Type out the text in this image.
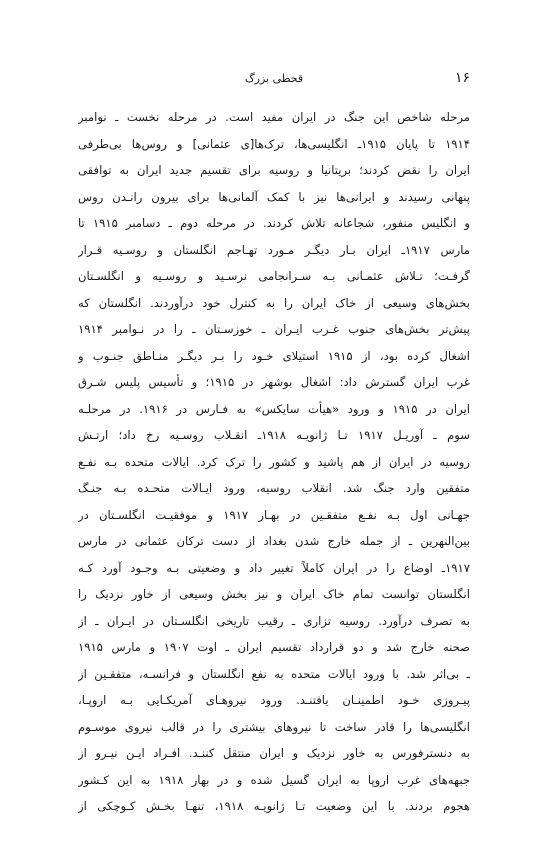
۱۶
قحطی بزرگ
مرحله شاخص این جنگ در ایران مفید است. در مرحله نخست ـ نوامبر
۱۹۱۴ تا پایان ۱۹۱۵ـ انگلیسی‌ها، ترک‌ها[ی عثمانی] و روس‌ها بی‌طرفی
ایران را نقض کردند؛ بریتانیا و روسیه برای تقسیم جدید ایران به توافقی
پنهانی رسیدند و ایرانی‌ها نیز با کمک آلمانی‌ها برای بیرون رانـدن روس
و انگلیس منفور، شجاعانه تلاش کردند. در مرحله دوم ـ دسامبر ۱۹۱۵ تا
مارس ۱۹۱۷ـ ایران بـار دیگـر مـورد تهـاجم انگلستان و روسـیه قـرار
گرفـت؛ تـلاش عثمـانی بـه سـرانجامی نرسـید و روسـیه و انگلسـتان
بخش‌های وسیعی از خاک ایران را به کنترل خود درآوردند. انگلستان که
پیش‌تر بخش‌های جنوب غـرب ایـران ـ خوزسـتان ـ را در نـوامبر ۱۹۱۴
اشغال کرده بود، از ۱۹۱۵ استیلای خـود را بـر دیگـر منـاطق جنـوب و
غرب ایران گسترش داد: اشغال بوشهر در ۱۹۱۵؛ و تأسیس پلیس شـرق
ایران در ۱۹۱۵ و ورود «هیأت سایکس» به فـارس در ۱۹۱۶. در مرحلـه
سوم ـ آوریـل ۱۹۱۷ تـا ژانویـه ۱۹۱۸ـ انقـلاب روسـیه رخ داد؛ ارتـش
روسیه در ایران از هم پاشید و کشور را ترک کرد. ایالات متحده بـه نفـع
متفقین وارد جنگ شد. انقلاب روسیه، ورود ایـالات متحـده بـه جنـگ
جهـانی اول بـه نفـع متفقـین در بهـار ۱۹۱۷ و موفقیـت انگلسـتان در
بین‌النهرین ـ از جمله خارج شدن بغداد از دست ترکان عثمانی در مارس
۱۹۱۷ـ اوضاع را در ایران کاملاً تغییر داد و وضعیتی بـه وجـود آورد کـه
انگلستان توانست تمام خاک ایران و نیز بخش وسیعی از خاور نزدیک را
به تصرف درآورد. روسیه تزاری ـ رقیب تاریخی انگلسـتان در ایـران ـ از
صحنه خارج شد و دو قرارداد تقسیم ایران ـ اوت ۱۹۰۷ و مارس ۱۹۱۵
ـ بی‌اثر شد. با ورود ایالات متحده به نفع انگلستان و فرانسـه، متفقـین از
پیـروزی خـود اطمینـان یافتنـد. ورود نیروهـای آمریکـایی بـه اروپـا،
انگلیسی‌ها را قادر ساخت تا نیروهای بیشتری را در قالب نیروی موسـوم
به دنسترفورس به خاور نزدیک و ایران منتقل کننـد. افـراد ایـن نیـرو از
جبهه‌های غرب اروپا به ایران گسیل شده و در بهار ۱۹۱۸ به این کـشور
هجوم بردند. با این وضعیت تـا ژانویـه ۱۹۱۸، تنهـا بخـش کـوچکی از
